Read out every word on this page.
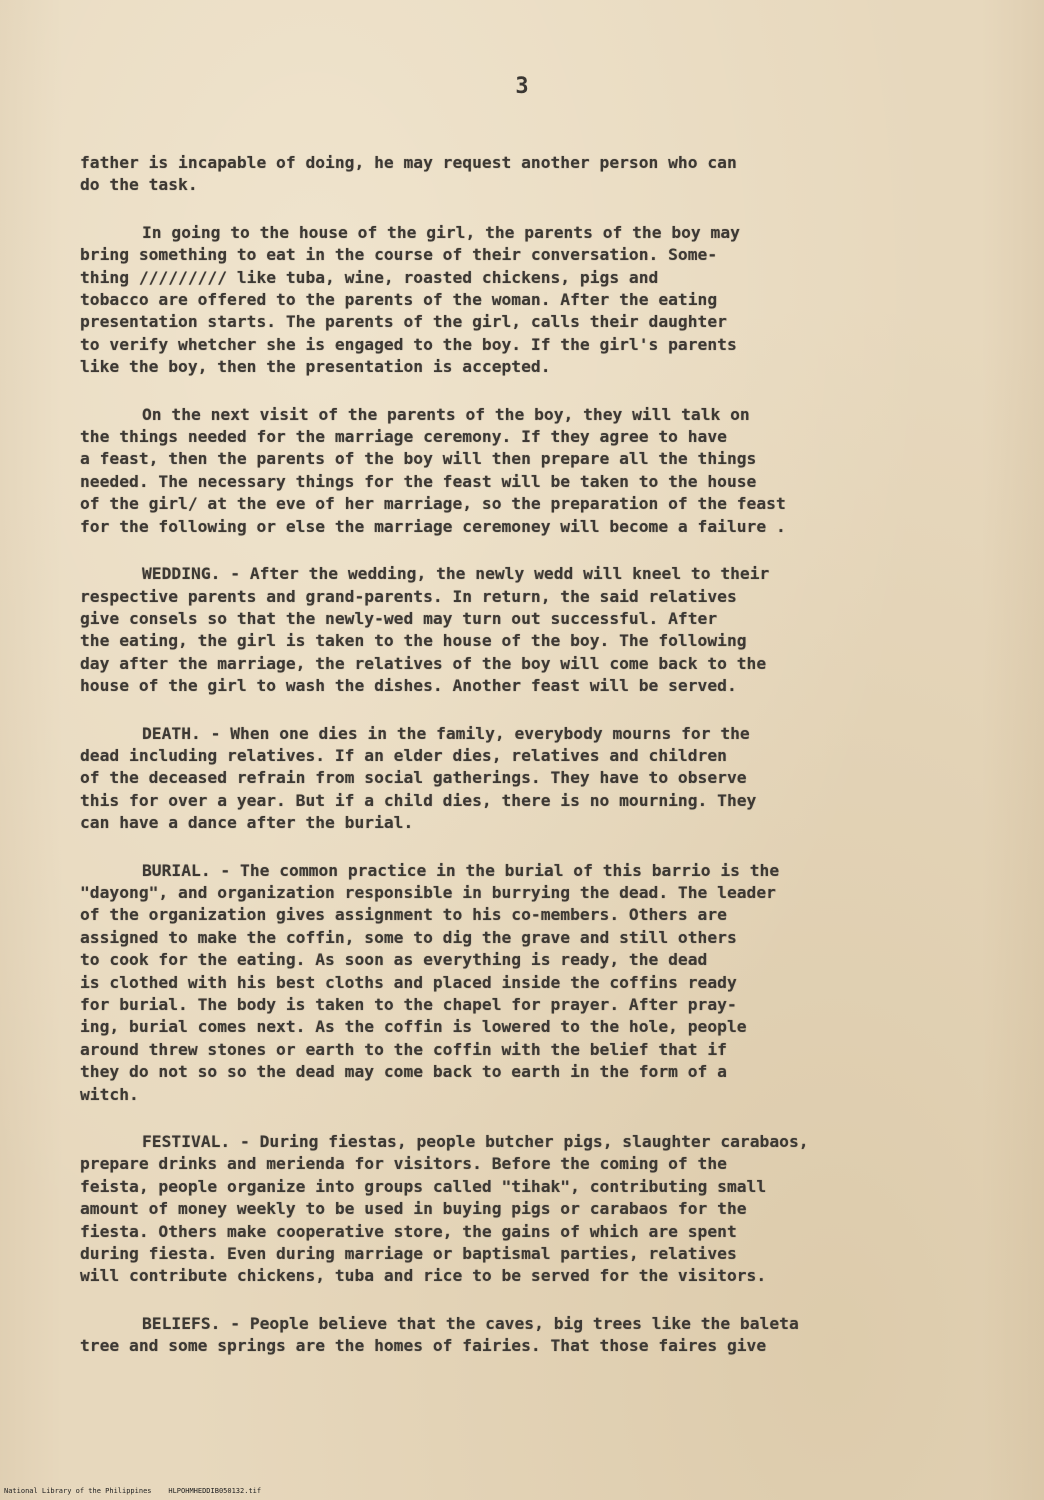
3
father is incapable of doing, he may request another person who can
do the task.
In going to the house of the girl, the parents of the boy may
bring something to eat in the course of their conversation. Some-
thing ///////// like tuba, wine, roasted chickens, pigs and
tobacco are offered to the parents of the woman. After the eating
presentation starts. The parents of the girl, calls their daughter
to verify whetcher she is engaged to the boy. If the girl's parents
like the boy, then the presentation is accepted.
On the next visit of the parents of the boy, they will talk on
the things needed for the marriage ceremony. If they agree to have
a feast, then the parents of the boy will then prepare all the things
needed. The necessary things for the feast will be taken to the house
of the girl/ at the eve of her marriage, so the preparation of the feast
for the following or else the marriage ceremoney will become a failure .
WEDDING. - After the wedding, the newly wedd will kneel to their
respective parents and grand-parents. In return, the said relatives
give consels so that the newly-wed may turn out successful. After
the eating, the girl is taken to the house of the boy. The following
day after the marriage, the relatives of the boy will come back to the
house of the girl to wash the dishes. Another feast will be served.
DEATH. - When one dies in the family, everybody mourns for the
dead including relatives. If an elder dies, relatives and children
of the deceased refrain from social gatherings. They have to observe
this for over a year. But if a child dies, there is no mourning. They
can have a dance after the burial.
BURIAL. - The common practice in the burial of this barrio is the
"dayong", and organization responsible in burrying the dead. The leader
of the organization gives assignment to his co-members. Others are
assigned to make the coffin, some to dig the grave and still others
to cook for the eating. As soon as everything is ready, the dead
is clothed with his best cloths and placed inside the coffins ready
for burial. The body is taken to the chapel for prayer. After pray-
ing, burial comes next. As the coffin is lowered to the hole, people
around threw stones or earth to the coffin with the belief that if
they do not so so the dead may come back to earth in the form of a
witch.
FESTIVAL. - During fiestas, people butcher pigs, slaughter carabaos,
prepare drinks and merienda for visitors. Before the coming of the
feista, people organize into groups called "tihak", contributing small
amount of money weekly to be used in buying pigs or carabaos for the
fiesta. Others make cooperative store, the gains of which are spent
during fiesta. Even during marriage or baptismal parties, relatives
will contribute chickens, tuba and rice to be served for the visitors.
BELIEFS. - People believe that the caves, big trees like the baleta
tree and some springs are the homes of fairies. That those faires give
National Library of the Philippines HLPOHMHEDDIB050132.tif
